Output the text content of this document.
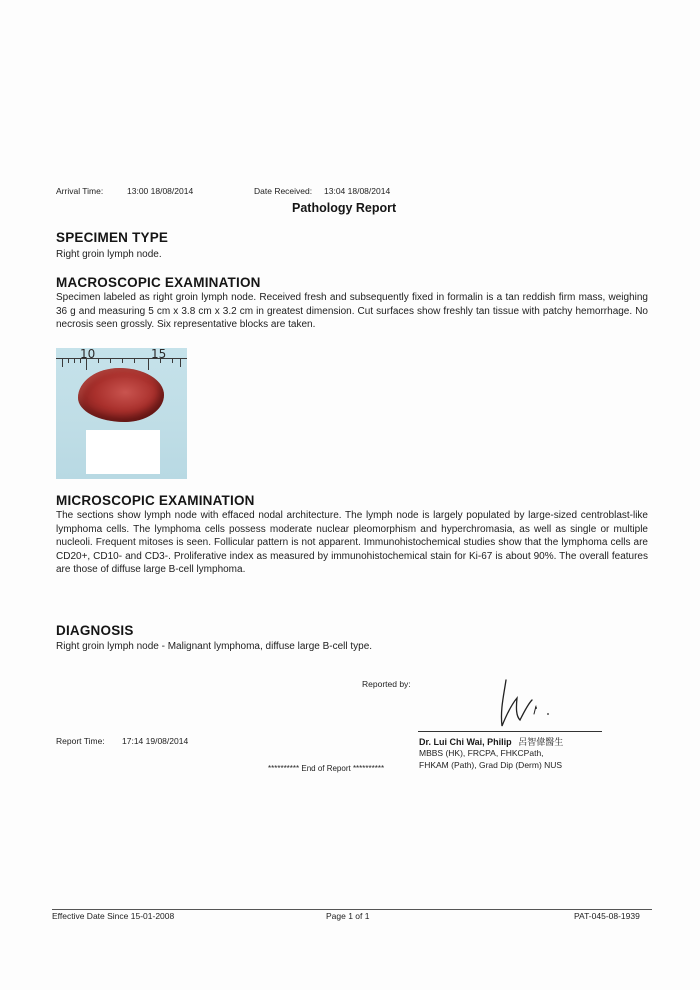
Arrival Time:	13:00 18/08/2014	Date Received: 13:04 18/08/2014
Pathology Report
SPECIMEN TYPE
Right groin lymph node.
MACROSCOPIC EXAMINATION
Specimen labeled as right groin lymph node. Received fresh and subsequently fixed in formalin is a tan reddish firm mass, weighing 36 g and measuring 5 cm x 3.8 cm x 3.2 cm in greatest dimension. Cut surfaces show freshly tan tissue with patchy hemorrhage. No necrosis seen grossly. Six representative blocks are taken.
10	15
MICROSCOPIC EXAMINATION
The sections show lymph node with effaced nodal architecture. The lymph node is largely populated by large-sized centroblast-like lymphoma cells. The lymphoma cells possess moderate nuclear pleomorphism and hyperchromasia, as well as single or multiple nucleoli. Frequent mitoses is seen. Follicular pattern is not apparent. Immunohistochemical studies show that the lymphoma cells are CD20+, CD10- and CD3-. Proliferative index as measured by immunohistochemical stain for Ki-67 is about 90%. The overall features are those of diffuse large B-cell lymphoma.
DIAGNOSIS
Right groin lymph node - Malignant lymphoma, diffuse large B-cell type.
Reported by:
Report Time: 17:14 19/08/2014	Dr. Lui Chi Wai, Philip 呂智偉醫生
MBBS (HK), FRCPA, FHKCPath,
FHKAM (Path), Grad Dip (Derm) NUS
********** End of Report **********
Effective Date Since 15-01-2008	Page 1 of 1	PAT-045-08-1939
